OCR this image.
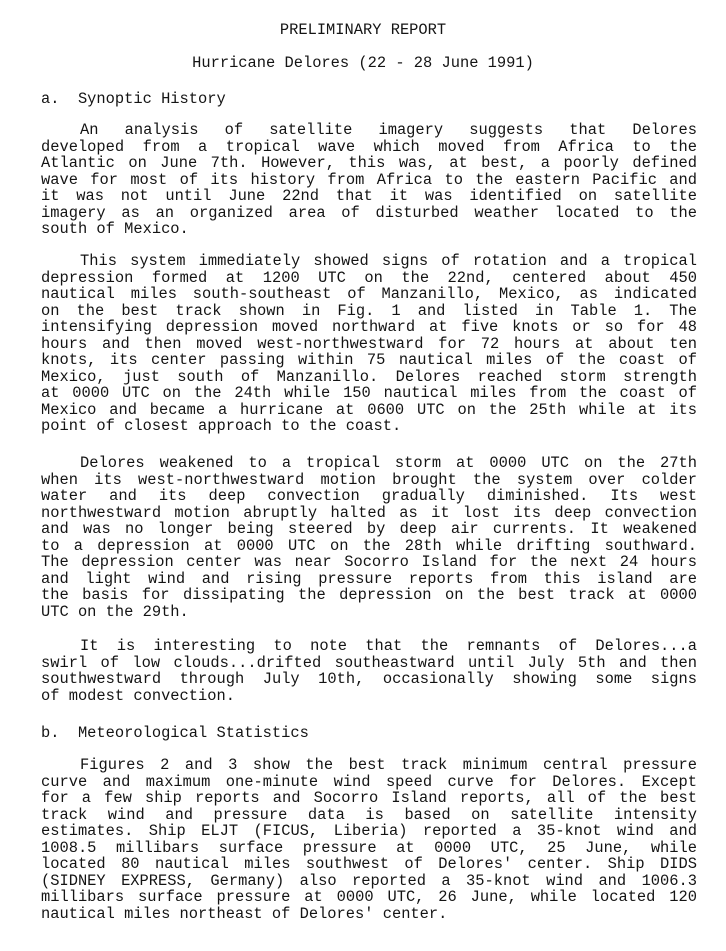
PRELIMINARY REPORT
Hurricane Delores (22 - 28 June 1991)
a.  Synoptic History
An analysis of satellite imagery suggests that Delores
developed from a tropical wave which moved from Africa to the
Atlantic on June 7th. However, this was, at best, a poorly defined
wave for most of its history from Africa to the eastern Pacific and
it was not until June 22nd that it was identified on satellite
imagery as an organized area of disturbed weather located to the
south of Mexico.
This system immediately showed signs of rotation and a tropical
depression formed at 1200 UTC on the 22nd, centered about 450
nautical miles south-southeast of Manzanillo, Mexico, as indicated
on the best track shown in Fig. 1 and listed in Table 1. The
intensifying depression moved northward at five knots or so for 48
hours and then moved west-northwestward for 72 hours at about ten
knots, its center passing within 75 nautical miles of the coast of
Mexico, just south of Manzanillo. Delores reached storm strength
at 0000 UTC on the 24th while 150 nautical miles from the coast of
Mexico and became a hurricane at 0600 UTC on the 25th while at its
point of closest approach to the coast.
Delores weakened to a tropical storm at 0000 UTC on the 27th
when its west-northwestward motion brought the system over colder
water and its deep convection gradually diminished. Its west
northwestward motion abruptly halted as it lost its deep convection
and was no longer being steered by deep air currents. It weakened
to a depression at 0000 UTC on the 28th while drifting southward.
The depression center was near Socorro Island for the next 24 hours
and light wind and rising pressure reports from this island are
the basis for dissipating the depression on the best track at 0000
UTC on the 29th.
It is interesting to note that the remnants of Delores...a
swirl of low clouds...drifted southeastward until July 5th and then
southwestward through July 10th, occasionally showing some signs
of modest convection.
b.  Meteorological Statistics
Figures 2 and 3 show the best track minimum central pressure
curve and maximum one-minute wind speed curve for Delores. Except
for a few ship reports and Socorro Island reports, all of the best
track wind and pressure data is based on satellite intensity
estimates. Ship ELJT (FICUS, Liberia) reported a 35-knot wind and
1008.5 millibars surface pressure at 0000 UTC, 25 June, while
located 80 nautical miles southwest of Delores' center. Ship DIDS
(SIDNEY EXPRESS, Germany) also reported a 35-knot wind and 1006.3
millibars surface pressure at 0000 UTC, 26 June, while located 120
nautical miles northeast of Delores' center.
